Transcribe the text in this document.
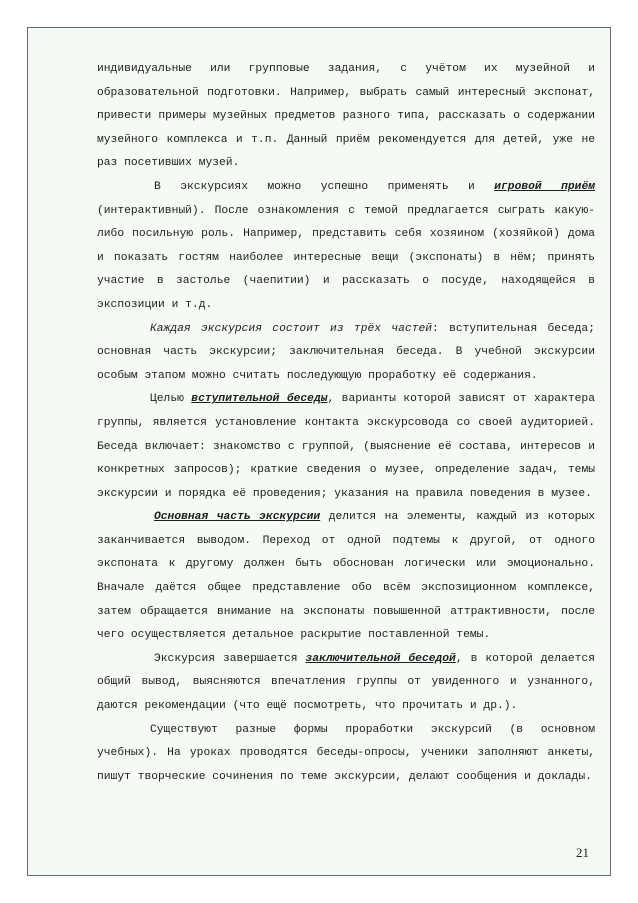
индивидуальные или групповые задания, с учётом их музейной и образовательной подготовки. Например, выбрать самый интересный экспонат, привести примеры музейных предметов разного типа, рассказать о содержании музейного комплекса и т.п. Данный приём рекомендуется для детей, уже не раз посетивших музей.

В экскурсиях можно успешно применять и игровой приём (интерактивный). После ознакомления с темой предлагается сыграть какую-либо посильную роль. Например, представить себя хозяином (хозяйкой) дома и показать гостям наиболее интересные вещи (экспонаты) в нём; принять участие в застолье (чаепитии) и рассказать о посуде, находящейся в экспозиции и т.д.

Каждая экскурсия состоит из трёх частей: вступительная беседа; основная часть экскурсии; заключительная беседа. В учебной экскурсии особым этапом можно считать последующую проработку её содержания.

Целью вступительной беседы, варианты которой зависят от характера группы, является установление контакта экскурсовода со своей аудиторией. Беседа включает: знакомство с группой, (выяснение её состава, интересов и конкретных запросов); краткие сведения о музее, определение задач, темы экскурсии и порядка её проведения; указания на правила поведения в музее.

Основная часть экскурсии делится на элементы, каждый из которых заканчивается выводом. Переход от одной подтемы к другой, от одного экспоната к другому должен быть обоснован логически или эмоционально. Вначале даётся общее представление обо всём экспозиционном комплексе, затем обращается внимание на экспонаты повышенной аттрактивности, после чего осуществляется детальное раскрытие поставленной темы.

Экскурсия завершается заключительной беседой, в которой делается общий вывод, выясняются впечатления группы от увиденного и узнанного, даются рекомендации (что ещё посмотреть, что прочитать и др.).

Существуют разные формы проработки экскурсий (в основном учебных). На уроках проводятся беседы-опросы, ученики заполняют анкеты, пишут творческие сочинения по теме экскурсии, делают сообщения и доклады.

21
